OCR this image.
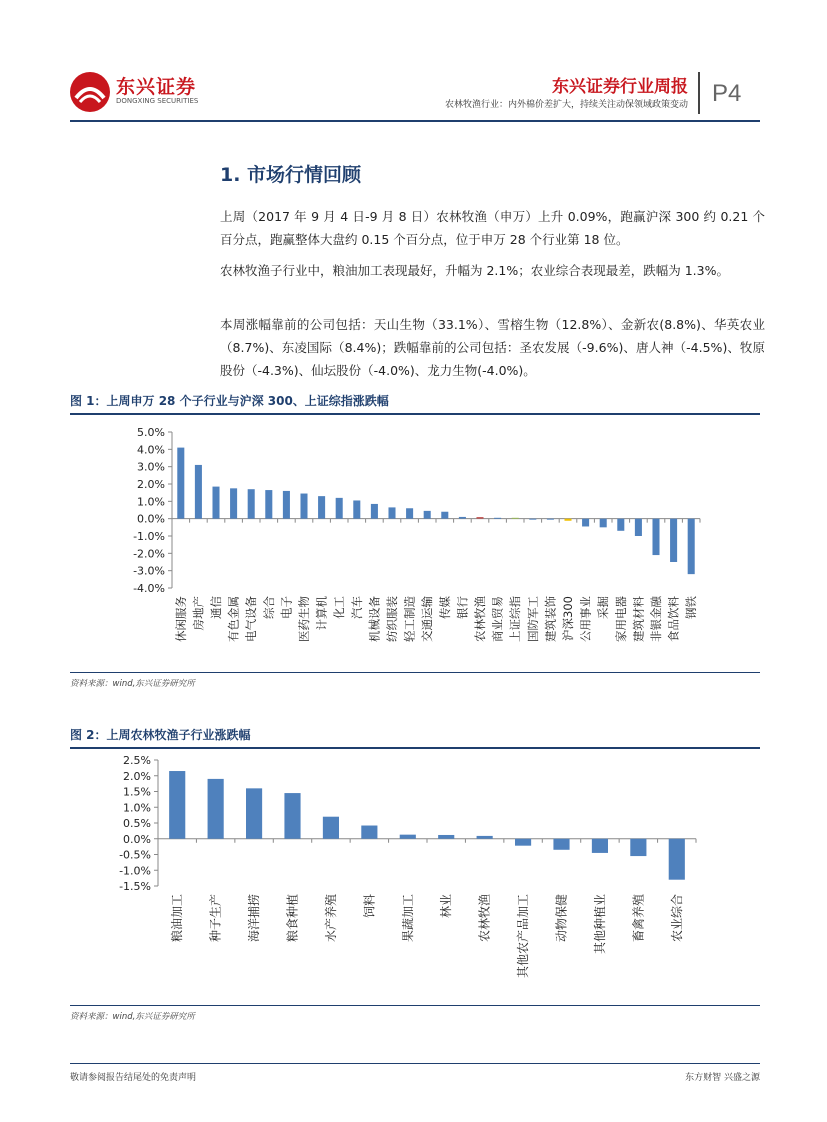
东兴证券
DONGXING SECURITIES
东兴证券行业周报
农林牧渔行业：内外棉价差扩大，持续关注动保领域政策变动 P4
1. 市场行情回顾
上周（2017 年 9 月 4 日-9 月 8 日）农林牧渔（申万）上升 0.09%，跑赢沪深 300 约 0.21 个百分点，跑赢整体大盘约 0.15 个百分点，位于申万 28 个行业第 18 位。
农林牧渔子行业中，粮油加工表现最好，升幅为 2.1%；农业综合表现最差，跌幅为 1.3%。
本周涨幅靠前的公司包括：天山生物（33.1%）、雪榕生物（12.8%）、金新农(8.8%)、华英农业（8.7%)、东凌国际（8.4%)；跌幅靠前的公司包括：圣农发展（-9.6%)、唐人神（-4.5%)、牧原股份（-4.3%)、仙坛股份（-4.0%)、龙力生物(-4.0%)。
图 1：上周申万 28 个子行业与沪深 300、上证综指涨跌幅
5.0%
4.0%
3.0%
2.0%
1.0%
0.0%
-1.0%
-2.0%
-3.0%
-4.0%
休闲服务 房地产 通信 有色金属 电气设备 综合 电子 医药生物 计算机 化工 汽车 机械设备 纺织服装 轻工制造 交通运输 传媒 银行 农林牧渔 商业贸易 上证综指 国防军工 建筑装饰 沪深300 公用事业 采掘 家用电器 建筑材料 非银金融 食品饮料 钢铁
资料来源：wind,东兴证券研究所
图 2：上周农林牧渔子行业涨跌幅
2.5%
2.0%
1.5%
1.0%
0.5%
0.0%
-0.5%
-1.0%
-1.5%
粮油加工 种子生产 海洋捕捞 粮食种植 水产养殖 饲料 果蔬加工 林业 农林牧渔 其他农产品加工 动物保健 其他种植业 畜禽养殖 农业综合
资料来源：wind,东兴证券研究所
敬请参阅报告结尾处的免责声明	东方财智 兴盛之源
